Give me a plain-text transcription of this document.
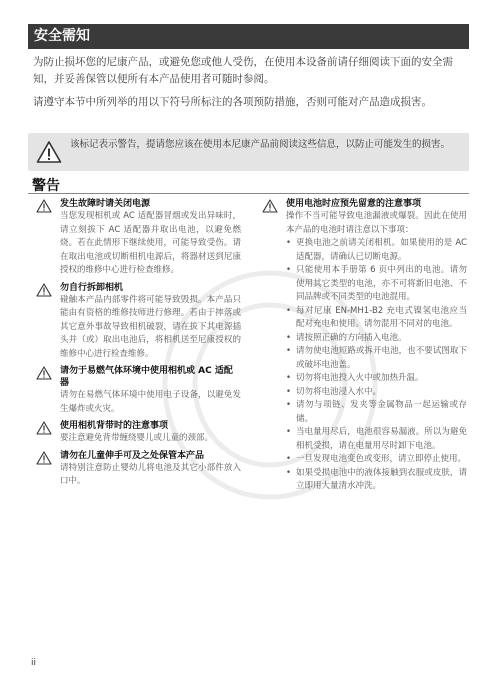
安全需知
为防止损坏您的尼康产品，或避免您或他人受伤，在使用本设备前请仔细阅读下面的安全需知，并妥善保管以便所有本产品使用者可随时参阅。
请遵守本节中所列举的用以下符号所标注的各项预防措施，否则可能对产品造成损害。
该标记表示警告，提请您应该在使用本尼康产品前阅读这些信息，以防止可能发生的损害。
警告
发生故障时请关闭电源

当您发现相机或 AC 适配器冒烟或发出异味时，请立刻拔下 AC 适配器并取出电池，以避免燃烧。若在此情形下继续使用，可能导致受伤。请在取出电池或切断相机电源后，将器材送到尼康授权的维修中心进行检查维修。

勿自行拆卸相机

碰触本产品内部零件将可能导致毁损。本产品只能由有资格的维修技师进行修理。若由于摔落或其它意外事故导致相机破裂，请在拔下其电源插头并（或）取出电池后，将相机送至尼康授权的维修中心进行检查维修。

请勿于易燃气体环境中使用相机或 AC 适配器

请勿在易燃气体环境中使用电子设备，以避免发生爆炸或火灾。

使用相机背带时的注意事项

要注意避免背带缠绕婴儿或儿童的颈部。

请勿在儿童伸手可及之处保管本产品

请特别注意防止婴幼儿将电池及其它小部件放入口中。

使用电池时应预先留意的注意事项

操作不当可能导致电池漏液或爆裂。因此在使用本产品的电池时请注意以下事项：

• 更换电池之前请关闭相机。如果使用的是 AC 适配器，请确认已切断电源。
• 只能使用本手册第 6 页中列出的电池。请勿使用其它类型的电池，亦不可将新旧电池、不同品牌或不同类型的电池混用。
• 每对尼康 EN-MH1-B2 充电式镍氢电池应当配对充电和使用。请勿混用不同对的电池。
• 请按照正确的方向插入电池。
• 请勿使电池短路或拆开电池，也不要试图取下或破坏电池盖。
• 切勿将电池投入火中或加热升温。
• 切勿将电池浸入水中。
• 请勿与项链、发夹等金属物品一起运输或存储。
• 当电量用尽后，电池很容易漏液。所以为避免相机受损，请在电量用尽时卸下电池。
• 一旦发现电池变色或变形，请立即停止使用。
• 如果受损电池中的液体接触到衣服或皮肤，请立即用大量清水冲洗。
ii
